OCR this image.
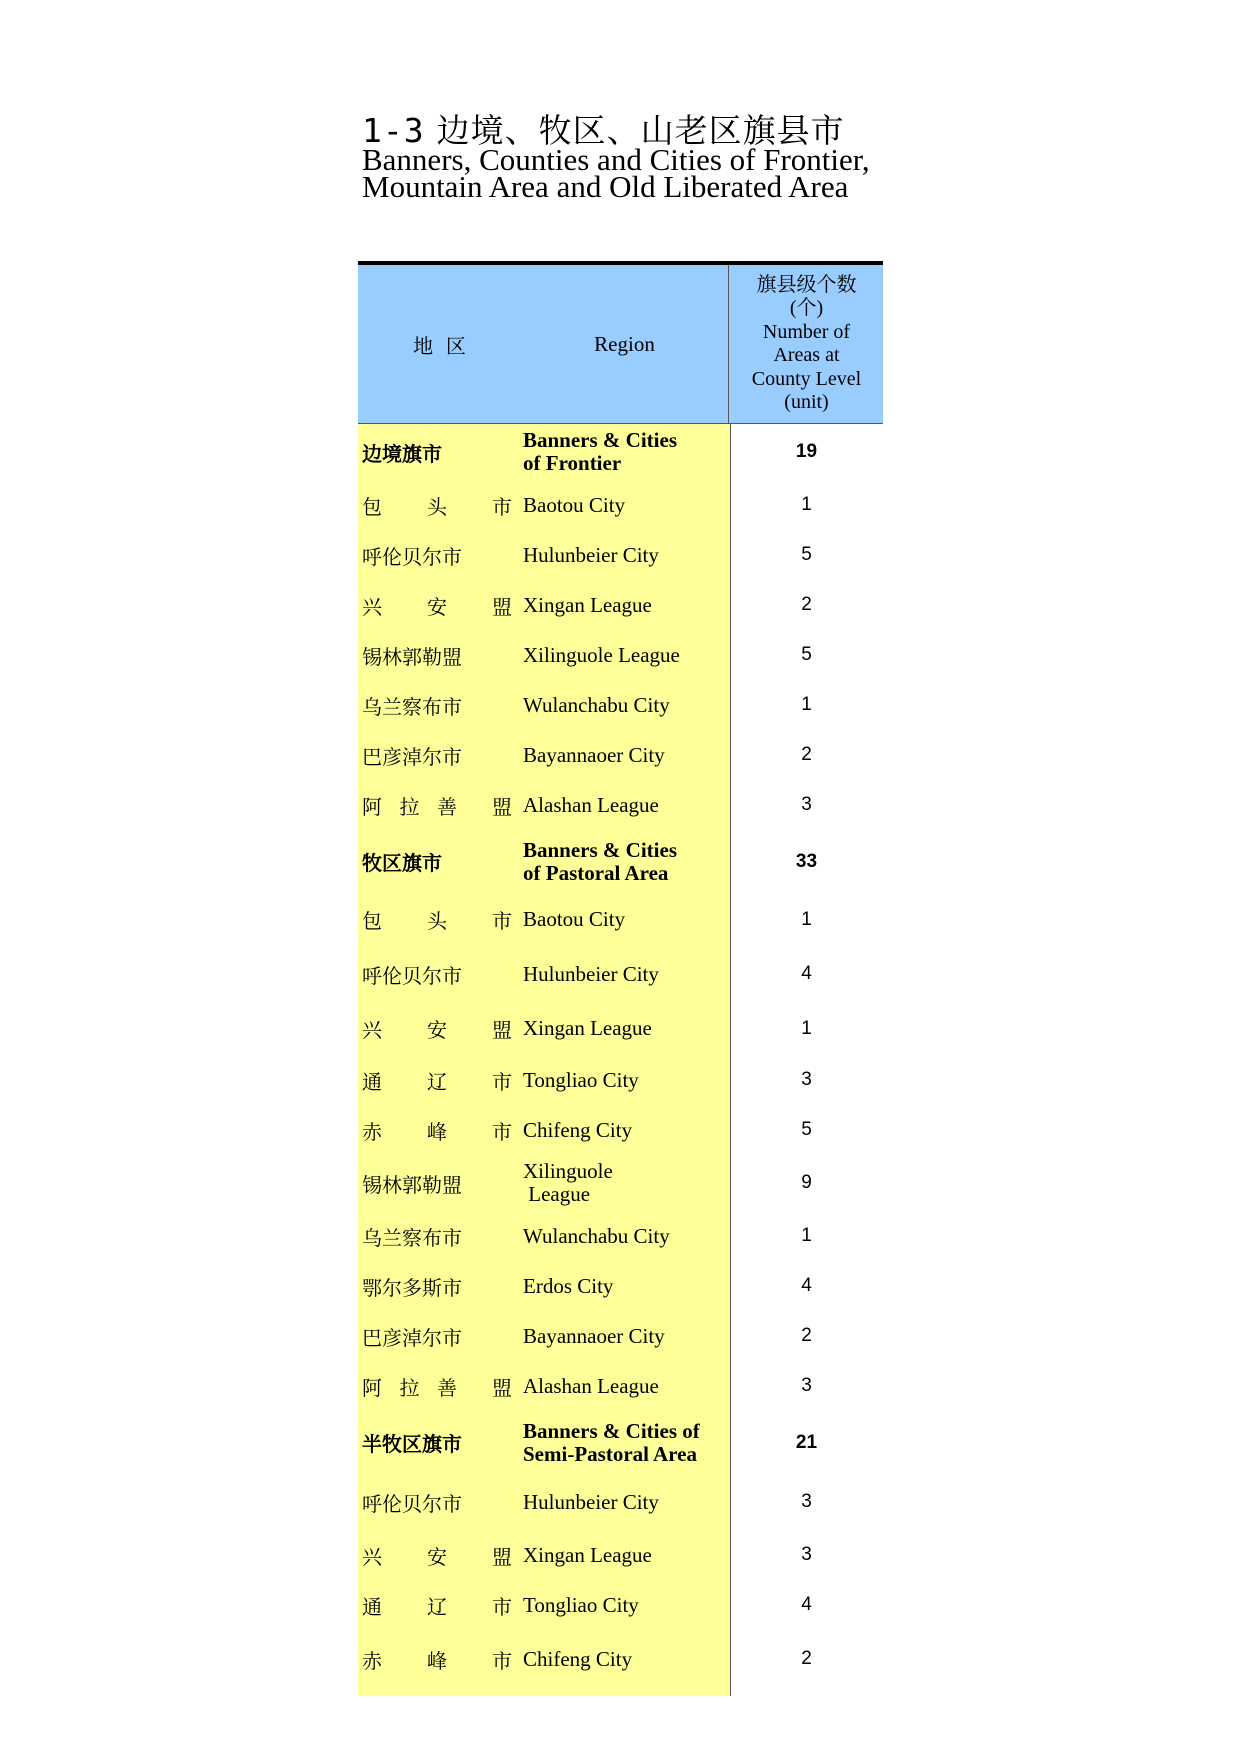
1-3 边境、牧区、山老区旗县市
Banners, Counties and Cities of Frontier,
Mountain Area and Old Liberated Area
地  区	Region
旗县级个数
(个)
Number of
Areas at
County Level
(unit)
边境旗市
Banners & Cities
of Frontier	19
包 头 市 Baotou City	1
呼伦贝尔市	Hulunbeier City	5
兴 安 盟 Xingan League	2
锡林郭勒盟	Xilinguole League	5
乌兰察布市	Wulanchabu City	1
巴彦淖尔市	Bayannaoer City	2
阿 拉 善 盟 Alashan League	3
牧区旗市
Banners & Cities
of Pastoral Area	33
包 头 市 Baotou City	1
呼伦贝尔市	Hulunbeier City	4
兴 安 盟 Xingan League	1
通 辽 市 Tongliao City	3
赤 峰 市 Chifeng City	5
锡林郭勒盟
Xilinguole
League	9
乌兰察布市	Wulanchabu City	1
鄂尔多斯市	Erdos City	4
巴彦淖尔市	Bayannaoer City	2
阿 拉 善 盟 Alashan League	3
半牧区旗市
Banners & Cities of
Semi-Pastoral Area	21
呼伦贝尔市	Hulunbeier City	3
兴 安 盟 Xingan League	3
通 辽 市 Tongliao City	4
赤 峰 市 Chifeng City	2
